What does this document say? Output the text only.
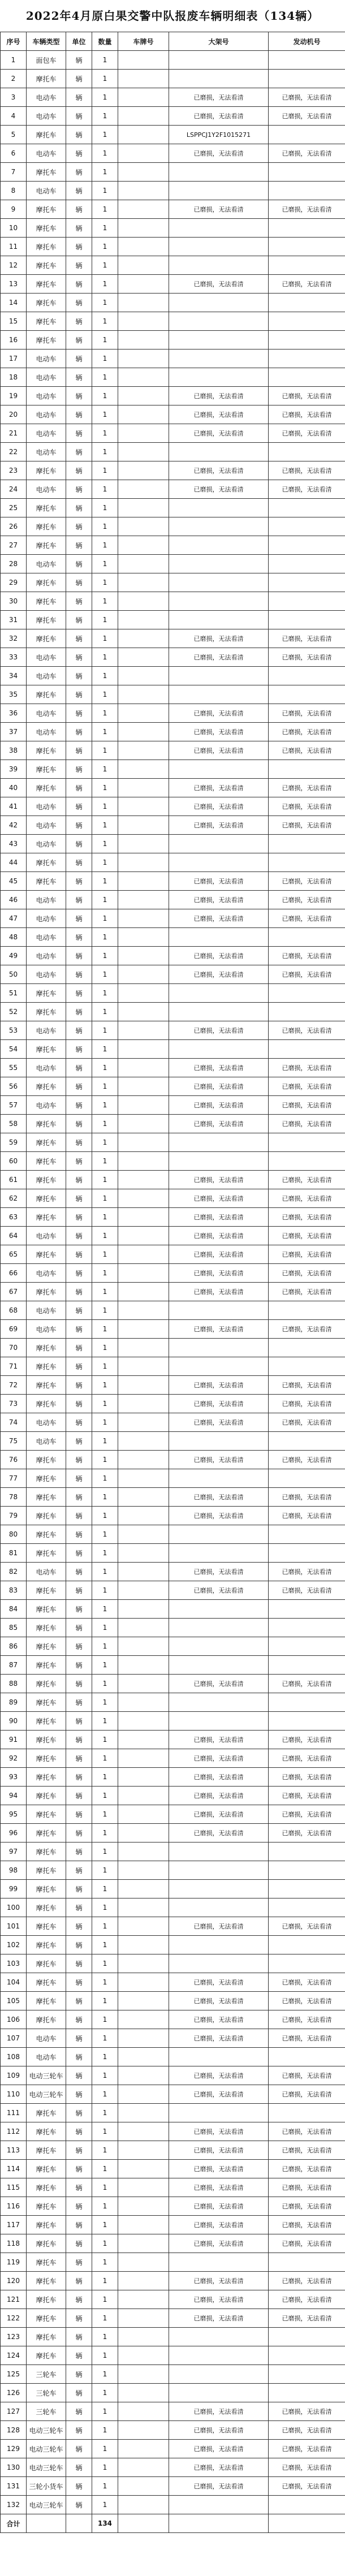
2022年4月原白果交警中队报废车辆明细表（134辆）
序号	车辆类型	单位	数量	车牌号	大架号	发动机号
1	面包车	辆	1			
2	摩托车	辆	1			
3	电动车	辆	1		已磨损，无法看清	已磨损，无法看清
4	电动车	辆	1		已磨损，无法看清	已磨损，无法看清
5	摩托车	辆	1		LSPPCJ1Y2F1015271	
6	电动车	辆	1		已磨损，无法看清	已磨损，无法看清
7	摩托车	辆	1			
8	电动车	辆	1			
9	摩托车	辆	1		已磨损，无法看清	已磨损，无法看清
10	摩托车	辆	1			
11	摩托车	辆	1			
12	摩托车	辆	1			
13	摩托车	辆	1		已磨损，无法看清	已磨损，无法看清
14	摩托车	辆	1			
15	摩托车	辆	1			
16	摩托车	辆	1			
17	电动车	辆	1			
18	电动车	辆	1			
19	电动车	辆	1		已磨损，无法看清	已磨损，无法看清
20	电动车	辆	1		已磨损，无法看清	已磨损，无法看清
21	电动车	辆	1		已磨损，无法看清	已磨损，无法看清
22	电动车	辆	1			
23	摩托车	辆	1		已磨损，无法看清	已磨损，无法看清
24	电动车	辆	1		已磨损，无法看清	已磨损，无法看清
25	摩托车	辆	1			
26	摩托车	辆	1			
27	摩托车	辆	1			
28	电动车	辆	1			
29	摩托车	辆	1			
30	摩托车	辆	1			
31	摩托车	辆	1			
32	摩托车	辆	1		已磨损，无法看清	已磨损，无法看清
33	电动车	辆	1		已磨损，无法看清	已磨损，无法看清
34	电动车	辆	1			
35	摩托车	辆	1			
36	电动车	辆	1		已磨损，无法看清	已磨损，无法看清
37	电动车	辆	1		已磨损，无法看清	已磨损，无法看清
38	摩托车	辆	1		已磨损，无法看清	已磨损，无法看清
39	摩托车	辆	1			
40	摩托车	辆	1		已磨损，无法看清	已磨损，无法看清
41	电动车	辆	1		已磨损，无法看清	已磨损，无法看清
42	电动车	辆	1		已磨损，无法看清	已磨损，无法看清
43	电动车	辆	1			
44	摩托车	辆	1			
45	摩托车	辆	1		已磨损，无法看清	已磨损，无法看清
46	电动车	辆	1		已磨损，无法看清	已磨损，无法看清
47	电动车	辆	1		已磨损，无法看清	已磨损，无法看清
48	电动车	辆	1			
49	电动车	辆	1		已磨损，无法看清	已磨损，无法看清
50	电动车	辆	1		已磨损，无法看清	已磨损，无法看清
51	摩托车	辆	1			
52	摩托车	辆	1			
53	电动车	辆	1		已磨损，无法看清	已磨损，无法看清
54	摩托车	辆	1			
55	电动车	辆	1		已磨损，无法看清	已磨损，无法看清
56	摩托车	辆	1		已磨损，无法看清	已磨损，无法看清
57	电动车	辆	1		已磨损，无法看清	已磨损，无法看清
58	摩托车	辆	1		已磨损，无法看清	已磨损，无法看清
59	摩托车	辆	1			
60	摩托车	辆	1			
61	摩托车	辆	1		已磨损，无法看清	已磨损，无法看清
62	摩托车	辆	1		已磨损，无法看清	已磨损，无法看清
63	摩托车	辆	1		已磨损，无法看清	已磨损，无法看清
64	电动车	辆	1		已磨损，无法看清	已磨损，无法看清
65	摩托车	辆	1		已磨损，无法看清	已磨损，无法看清
66	电动车	辆	1		已磨损，无法看清	已磨损，无法看清
67	摩托车	辆	1		已磨损，无法看清	已磨损，无法看清
68	电动车	辆	1			
69	电动车	辆	1		已磨损，无法看清	已磨损，无法看清
70	摩托车	辆	1			
71	摩托车	辆	1			
72	摩托车	辆	1		已磨损，无法看清	已磨损，无法看清
73	摩托车	辆	1		已磨损，无法看清	已磨损，无法看清
74	电动车	辆	1		已磨损，无法看清	已磨损，无法看清
75	电动车	辆	1			
76	摩托车	辆	1		已磨损，无法看清	已磨损，无法看清
77	摩托车	辆	1			
78	摩托车	辆	1		已磨损，无法看清	已磨损，无法看清
79	摩托车	辆	1		已磨损，无法看清	已磨损，无法看清
80	摩托车	辆	1			
81	摩托车	辆	1			
82	电动车	辆	1		已磨损，无法看清	已磨损，无法看清
83	摩托车	辆	1		已磨损，无法看清	已磨损，无法看清
84	摩托车	辆	1			
85	摩托车	辆	1			
86	摩托车	辆	1			
87	摩托车	辆	1			
88	摩托车	辆	1		已磨损，无法看清	已磨损，无法看清
89	摩托车	辆	1			
90	摩托车	辆	1			
91	摩托车	辆	1		已磨损，无法看清	已磨损，无法看清
92	摩托车	辆	1		已磨损，无法看清	已磨损，无法看清
93	摩托车	辆	1		已磨损，无法看清	已磨损，无法看清
94	摩托车	辆	1		已磨损，无法看清	已磨损，无法看清
95	摩托车	辆	1		已磨损，无法看清	已磨损，无法看清
96	摩托车	辆	1		已磨损，无法看清	已磨损，无法看清
97	摩托车	辆	1			
98	摩托车	辆	1			
99	摩托车	辆	1			
100	摩托车	辆	1			
101	摩托车	辆	1		已磨损，无法看清	已磨损，无法看清
102	摩托车	辆	1			
103	摩托车	辆	1			
104	摩托车	辆	1		已磨损，无法看清	已磨损，无法看清
105	摩托车	辆	1		已磨损，无法看清	已磨损，无法看清
106	摩托车	辆	1		已磨损，无法看清	已磨损，无法看清
107	电动车	辆	1		已磨损，无法看清	已磨损，无法看清
108	电动车	辆	1			
109	电动三轮车	辆	1		已磨损，无法看清	已磨损，无法看清
110	电动三轮车	辆	1		已磨损，无法看清	已磨损，无法看清
111	摩托车	辆	1			
112	摩托车	辆	1		已磨损，无法看清	已磨损，无法看清
113	摩托车	辆	1		已磨损，无法看清	已磨损，无法看清
114	摩托车	辆	1		已磨损，无法看清	已磨损，无法看清
115	摩托车	辆	1		已磨损，无法看清	已磨损，无法看清
116	摩托车	辆	1		已磨损，无法看清	已磨损，无法看清
117	摩托车	辆	1		已磨损，无法看清	已磨损，无法看清
118	摩托车	辆	1		已磨损，无法看清	已磨损，无法看清
119	摩托车	辆	1			
120	摩托车	辆	1		已磨损，无法看清	已磨损，无法看清
121	摩托车	辆	1		已磨损，无法看清	已磨损，无法看清
122	摩托车	辆	1		已磨损，无法看清	已磨损，无法看清
123	摩托车	辆	1			
124	摩托车	辆	1			
125	三轮车	辆	1			
126	三轮车	辆	1			
127	三轮车	辆	1		已磨损，无法看清	已磨损，无法看清
128	电动三轮车	辆	1		已磨损，无法看清	已磨损，无法看清
129	电动三轮车	辆	1		已磨损，无法看清	已磨损，无法看清
130	电动三轮车	辆	1		已磨损，无法看清	已磨损，无法看清
131	三轮小货车	辆	1		已磨损，无法看清	已磨损，无法看清
132	电动三轮车	辆	1			
合计			134			
